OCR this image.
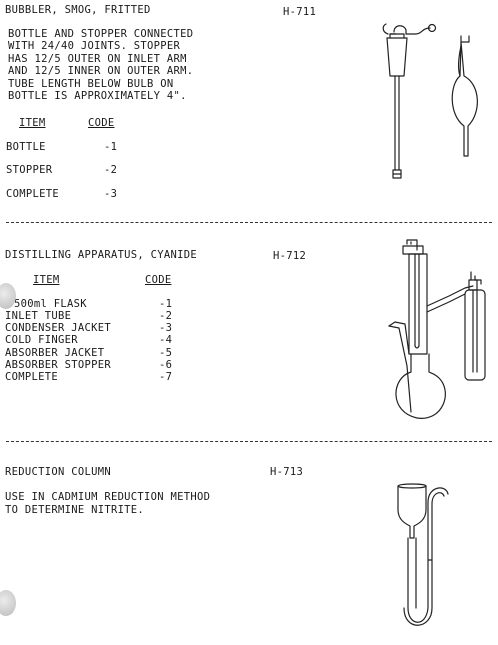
BUBBLER, SMOG, FRITTED	H-711
BOTTLE AND STOPPER CONNECTED
WITH 24/40 JOINTS. STOPPER
HAS 12/5 OUTER ON INLET ARM
AND 12/5 INNER ON OUTER ARM.
TUBE LENGTH BELOW BULB ON
BOTTLE IS APPROXIMATELY 4".
ITEM	CODE
BOTTLE	-1
STOPPER	-2
COMPLETE	-3
DISTILLING APPARATUS, CYANIDE	H-712
ITEM	CODE
500ml FLASK	-1
INLET TUBE	-2
CONDENSER JACKET	-3
COLD FINGER	-4
ABSORBER JACKET	-5
ABSORBER STOPPER	-6
COMPLETE	-7
REDUCTION COLUMN	H-713
USE IN CADMIUM REDUCTION METHOD
TO DETERMINE NITRITE.
